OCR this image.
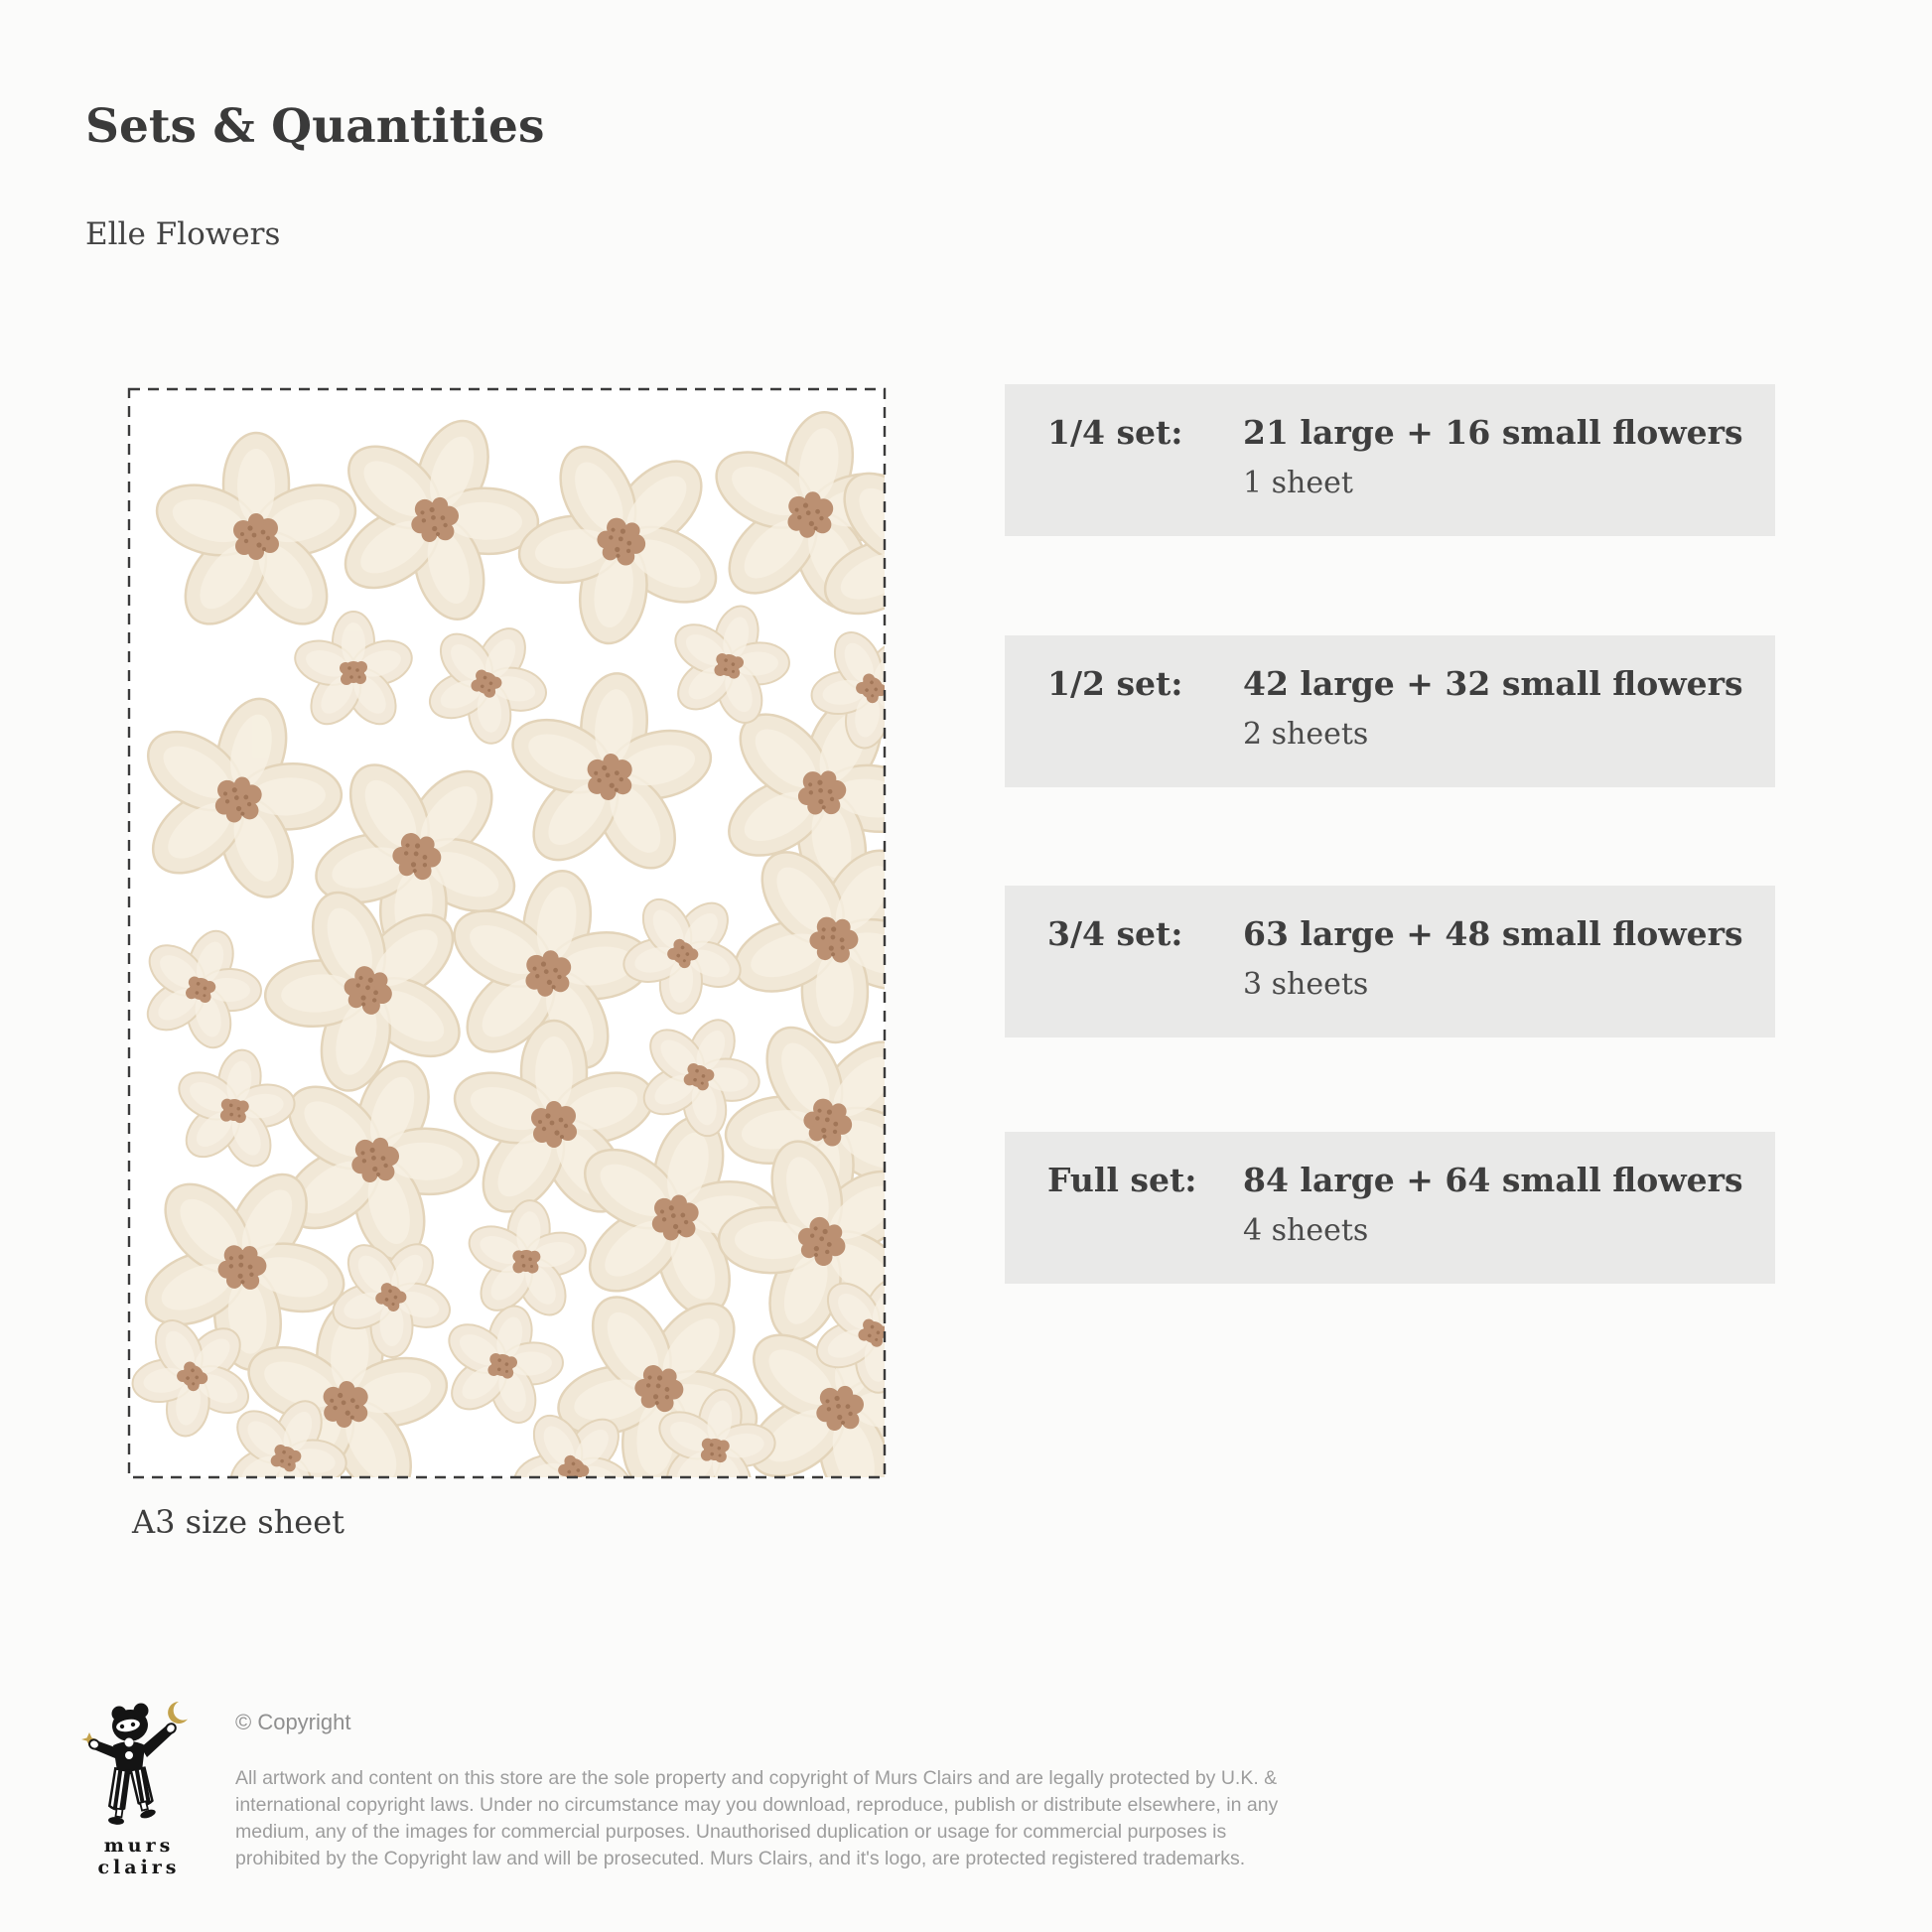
Sets & Quantities
Elle Flowers
A3 size sheet
1/4 set:	21 large + 16 small flowers
1 sheet
1/2 set:	42 large + 32 small flowers
2 sheets
3/4 set:	63 large + 48 small flowers
3 sheets
Full set:	84 large + 64 small flowers
4 sheets
murs clairs
© Copyright
All artwork and content on this store are the sole property and copyright of Murs Clairs and are legally protected by U.K. & international copyright laws. Under no circumstance may you download, reproduce, publish or distribute elsewhere, in any medium, any of the images for commercial purposes. Unauthorised duplication or usage for commercial purposes is prohibited by the Copyright law and will be prosecuted. Murs Clairs, and it's logo, are protected registered trademarks.
